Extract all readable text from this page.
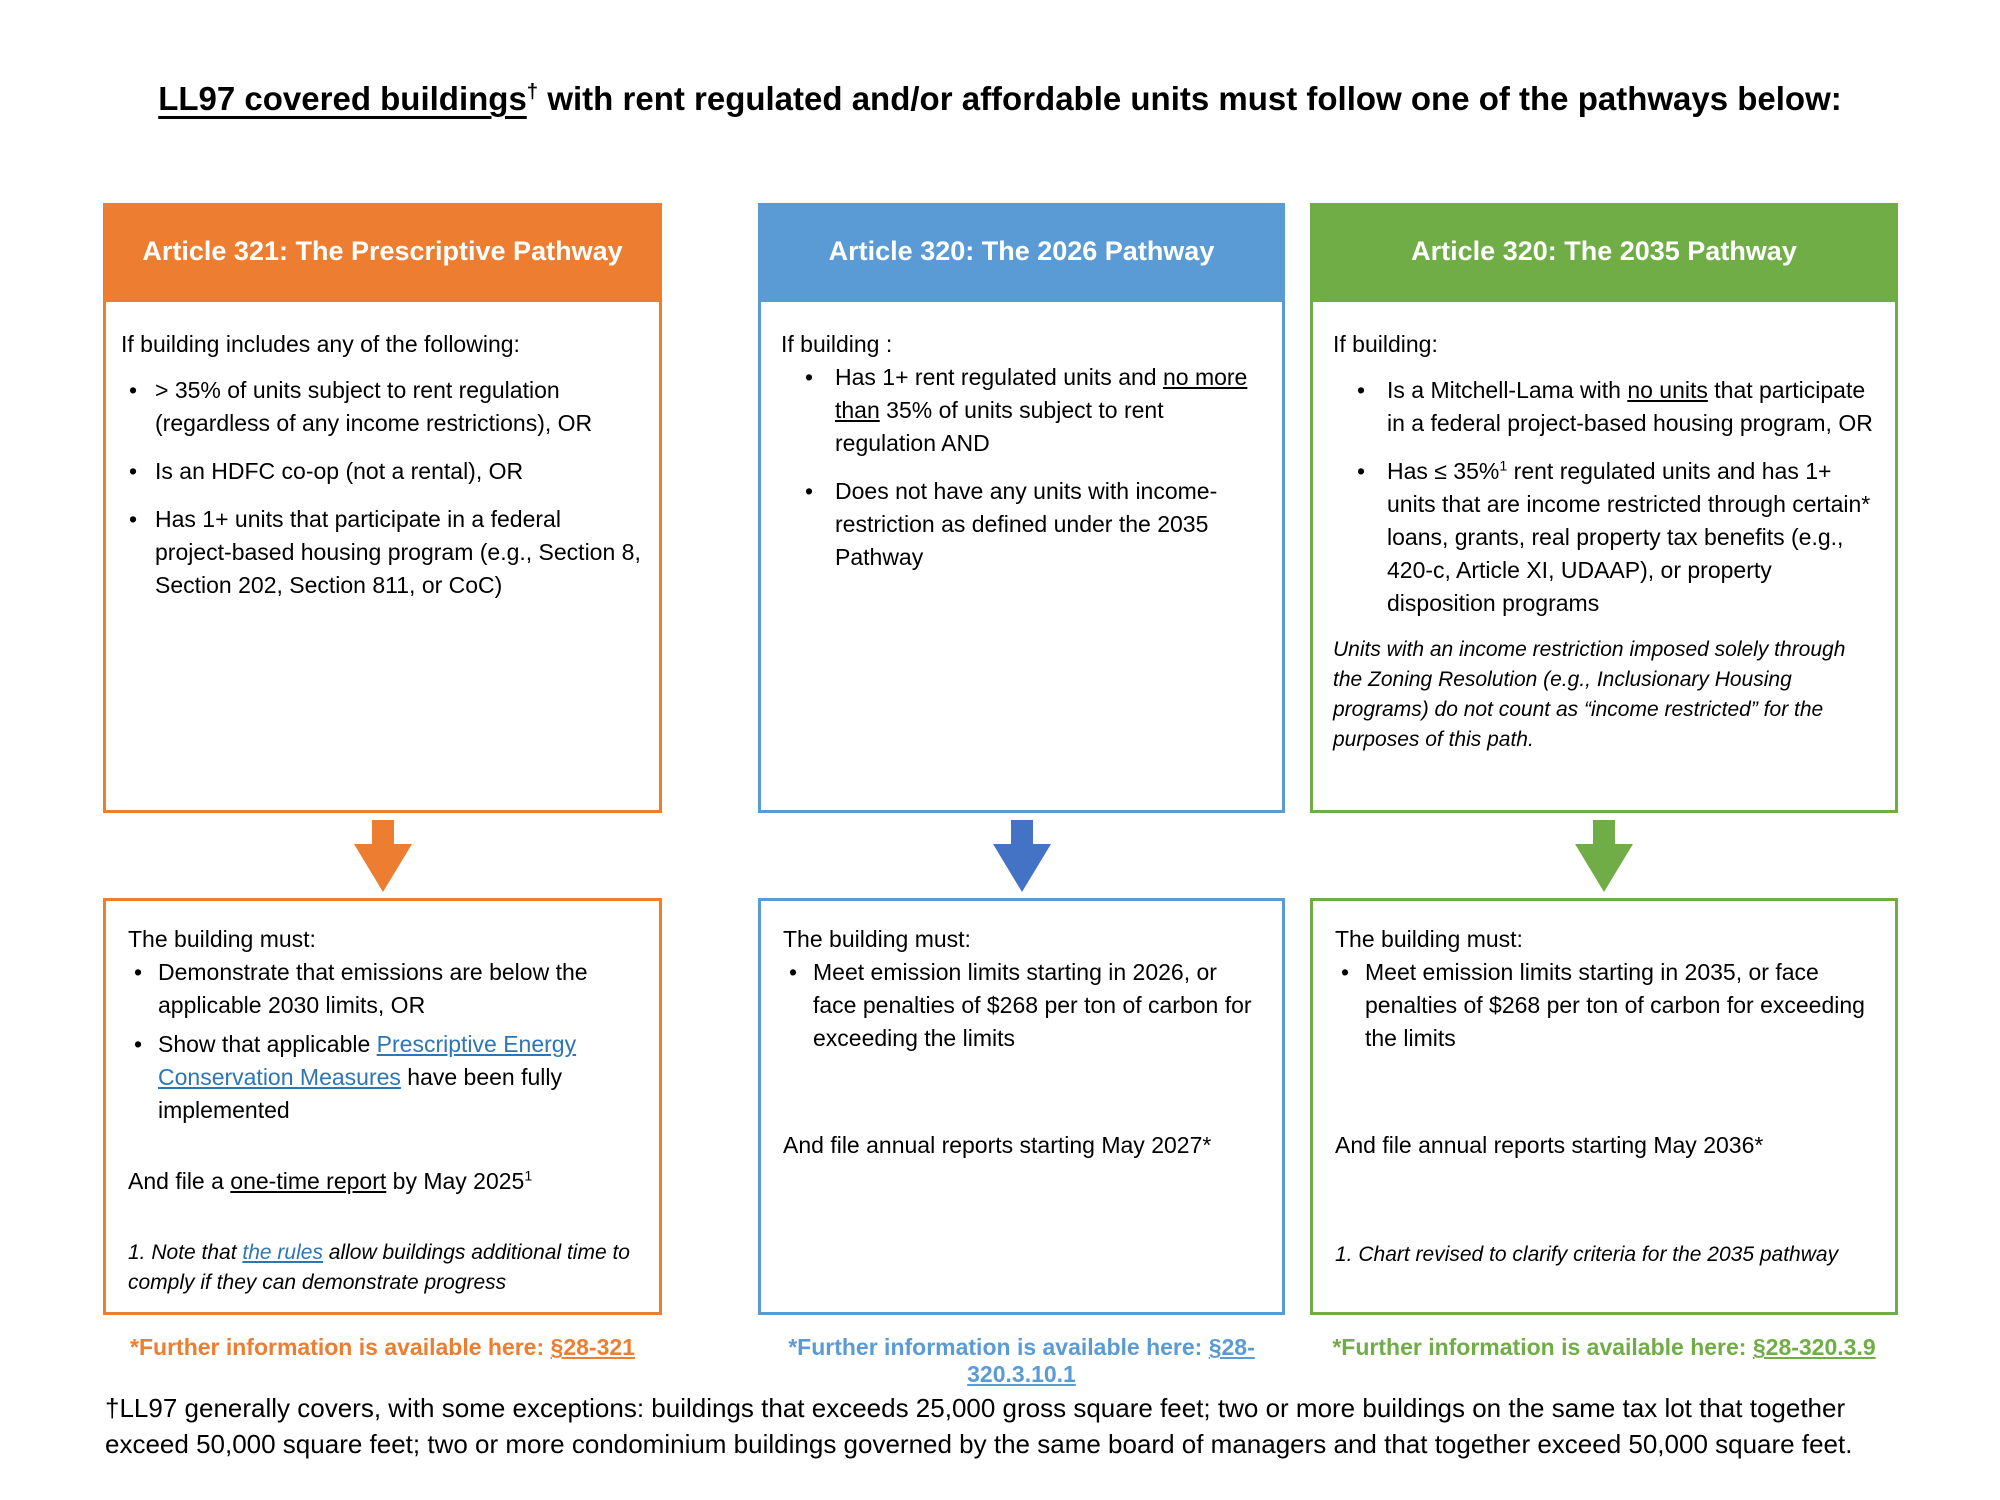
LL97 covered buildings† with rent regulated and/or affordable units must follow one of the pathways below:
Article 321: The Prescriptive Pathway

If building includes any of the following:

• > 35% of units subject to rent regulation (regardless of any income restrictions), OR
• Is an HDFC co-op (not a rental), OR
• Has 1+ units that participate in a federal project-based housing program (e.g., Section 8, Section 202, Section 811, or CoC)

The building must:

• Demonstrate that emissions are below the applicable 2030 limits, OR
• Show that applicable Prescriptive Energy Conservation Measures have been fully implemented

And file a one-time report by May 2025$^1$

1. Note that the rules allow buildings additional time to comply if they can demonstrate progress

*Further information is available here: §28-321
Article 320: The 2026 Pathway

If building :

• Has 1+ rent regulated units and no more than 35% of units subject to rent regulation AND
• Does not have any units with income-restriction as defined under the 2035 Pathway

The building must:

• Meet emission limits starting in 2026, or face penalties of $268 per ton of carbon for exceeding the limits

And file annual reports starting May 2027*

*Further information is available here: §28-320.3.10.1
Article 320: The 2035 Pathway

If building:

• Is a Mitchell-Lama with no units that participate in a federal project-based housing program, OR
• Has ≤ 35%$^1$ rent regulated units and has 1+ units that are income restricted through certain* loans, grants, real property tax benefits (e.g., 420-c, Article XI, UDAAP), or property disposition programs

Units with an income restriction imposed solely through the Zoning Resolution (e.g., Inclusionary Housing programs) do not count as “income restricted” for the purposes of this path.

The building must:

• Meet emission limits starting in 2035, or face penalties of $268 per ton of carbon for exceeding the limits

And file annual reports starting May 2036*

1. Chart revised to clarify criteria for the 2035 pathway

*Further information is available here: §28-320.3.9

†LL97 generally covers, with some exceptions: buildings that exceeds 25,000 gross square feet; two or more buildings on the same tax lot that together exceed 50,000 square feet; two or more condominium buildings governed by the same board of managers and that together exceed 50,000 square feet.
